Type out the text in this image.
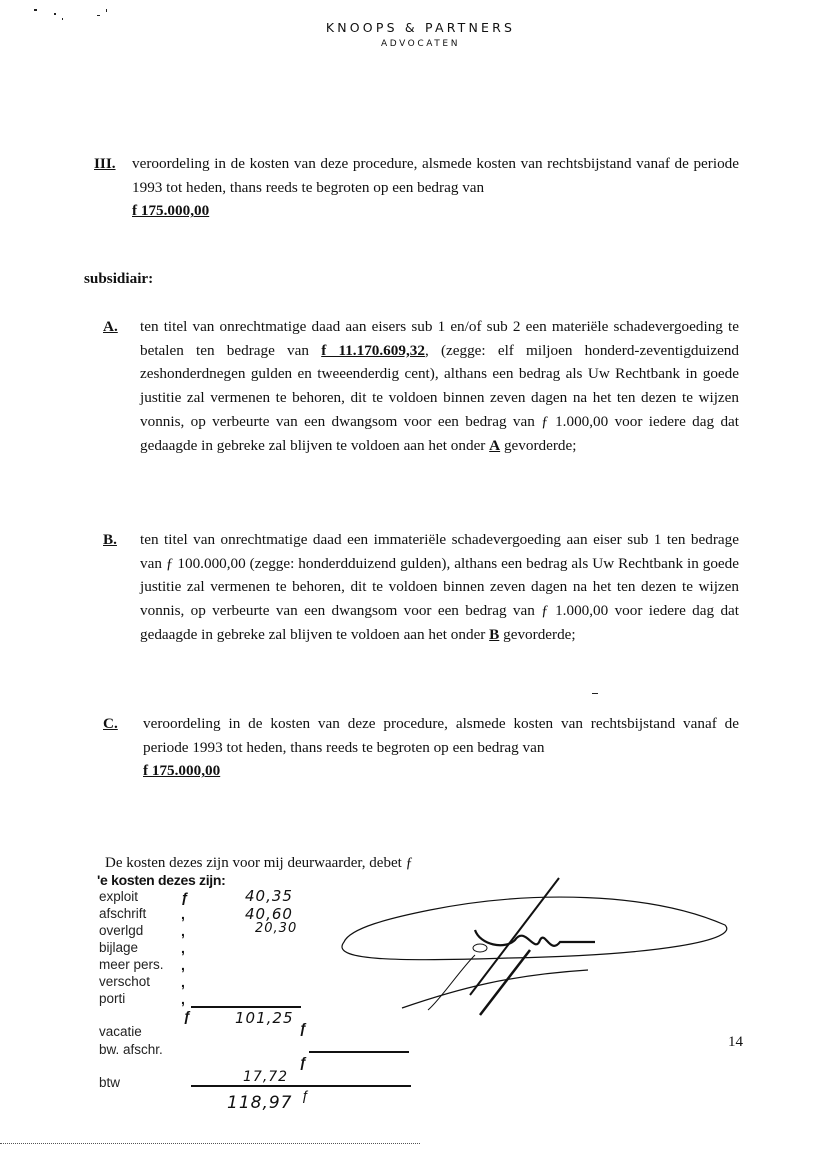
KNOOPS & PARTNERS
ADVOCATEN
III. veroordeling in de kosten van deze procedure, alsmede kosten van rechtsbijstand vanaf de periode 1993 tot heden, thans reeds te begroten op een bedrag van
f 175.000,00
subsidiair:
A. ten titel van onrechtmatige daad aan eisers sub 1 en/of sub 2 een materiële schadevergoeding te betalen ten bedrage van f 11.170.609,32, (zegge: elf miljoen honderd-zeventigduizend zeshonderdnegen gulden en tweeenderdig cent), althans een bedrag als Uw Rechtbank in goede justitie zal vermenen te behoren, dit te voldoen binnen zeven dagen na het ten dezen te wijzen vonnis, op verbeurte van een dwangsom voor een bedrag van ƒ 1.000,00 voor iedere dag dat gedaagde in gebreke zal blijven te voldoen aan het onder A gevorderde;
B. ten titel van onrechtmatige daad een immateriële schadevergoeding aan eiser sub 1 ten bedrage van ƒ 100.000,00 (zegge: honderdduizend gulden), althans een bedrag als Uw Rechtbank in goede justitie zal vermenen te behoren, dit te voldoen binnen zeven dagen na het ten dezen te wijzen vonnis, op verbeurte van een dwangsom voor een bedrag van ƒ 1.000,00 voor iedere dag dat gedaagde in gebreke zal blijven te voldoen aan het onder B gevorderde;
C. veroordeling in de kosten van deze procedure, alsmede kosten van rechtsbijstand vanaf de periode 1993 tot heden, thans reeds te begroten op een bedrag van
f 175.000,00
De kosten dezes zijn voor mij deurwaarder, debet ƒ
'e kosten dezes zijn:
exploit	ƒ	40,35
afschrift	,	40,60
overlgd	,	20,30
bijlage	,
meer pers.	,
verschot	,
porti	,
ƒ	101,25
vacatie	ƒ
bw. afschr.
ƒ
btw	17,72
118,97 ƒ
14
